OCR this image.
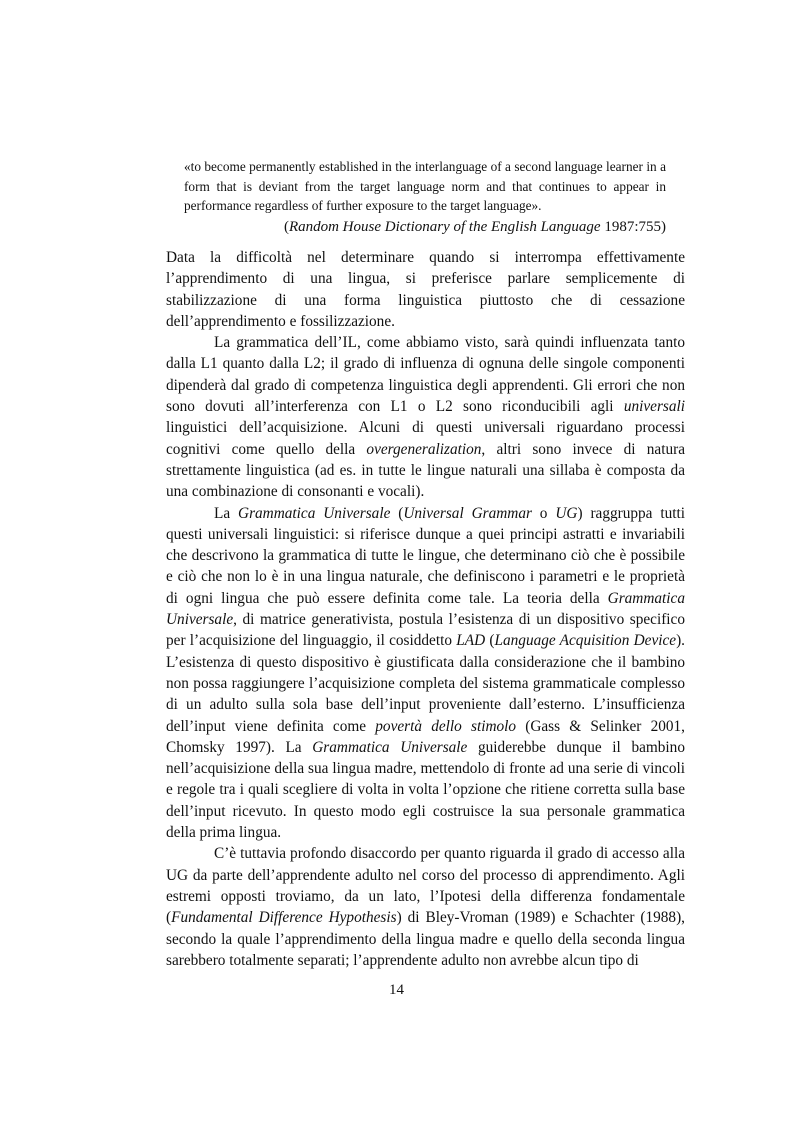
«to become permanently established in the interlanguage of a second language learner in a form that is deviant from the target language norm and that continues to appear in performance regardless of further exposure to the target language».

(Random House Dictionary of the English Language 1987:755)

Data la difficoltà nel determinare quando si interrompa effettivamente l’apprendimento di una lingua, si preferisce parlare semplicemente di stabilizzazione di una forma linguistica piuttosto che di cessazione dell’apprendimento e fossilizzazione.

La grammatica dell’IL, come abbiamo visto, sarà quindi influenzata tanto dalla L1 quanto dalla L2; il grado di influenza di ognuna delle singole componenti dipenderà dal grado di competenza linguistica degli apprendenti. Gli errori che non sono dovuti all’interferenza con L1 o L2 sono riconducibili agli universali linguistici dell’acquisizione. Alcuni di questi universali riguardano processi cognitivi come quello della overgeneralization, altri sono invece di natura strettamente linguistica (ad es. in tutte le lingue naturali una sillaba è composta da una combinazione di consonanti e vocali).

La Grammatica Universale (Universal Grammar o UG) raggruppa tutti questi universali linguistici: si riferisce dunque a quei principi astratti e invariabili che descrivono la grammatica di tutte le lingue, che determinano ciò che è possibile e ciò che non lo è in una lingua naturale, che definiscono i parametri e le proprietà di ogni lingua che può essere definita come tale. La teoria della Grammatica Universale, di matrice generativista, postula l’esistenza di un dispositivo specifico per l’acquisizione del linguaggio, il cosiddetto LAD (Language Acquisition Device). L’esistenza di questo dispositivo è giustificata dalla considerazione che il bambino non possa raggiungere l’acquisizione completa del sistema grammaticale complesso di un adulto sulla sola base dell’input proveniente dall’esterno. L’insufficienza dell’input viene definita come povertà dello stimolo (Gass & Selinker 2001, Chomsky 1997). La Grammatica Universale guiderebbe dunque il bambino nell’acquisizione della sua lingua madre, mettendolo di fronte ad una serie di vincoli e regole tra i quali scegliere di volta in volta l’opzione che ritiene corretta sulla base dell’input ricevuto. In questo modo egli costruisce la sua personale grammatica della prima lingua.

C’è tuttavia profondo disaccordo per quanto riguarda il grado di accesso alla UG da parte dell’apprendente adulto nel corso del processo di apprendimento. Agli estremi opposti troviamo, da un lato, l’Ipotesi della differenza fondamentale (Fundamental Difference Hypothesis) di Bley-Vroman (1989) e Schachter (1988), secondo la quale l’apprendimento della lingua madre e quello della seconda lingua sarebbero totalmente separati; l’apprendente adulto non avrebbe alcun tipo di

14
